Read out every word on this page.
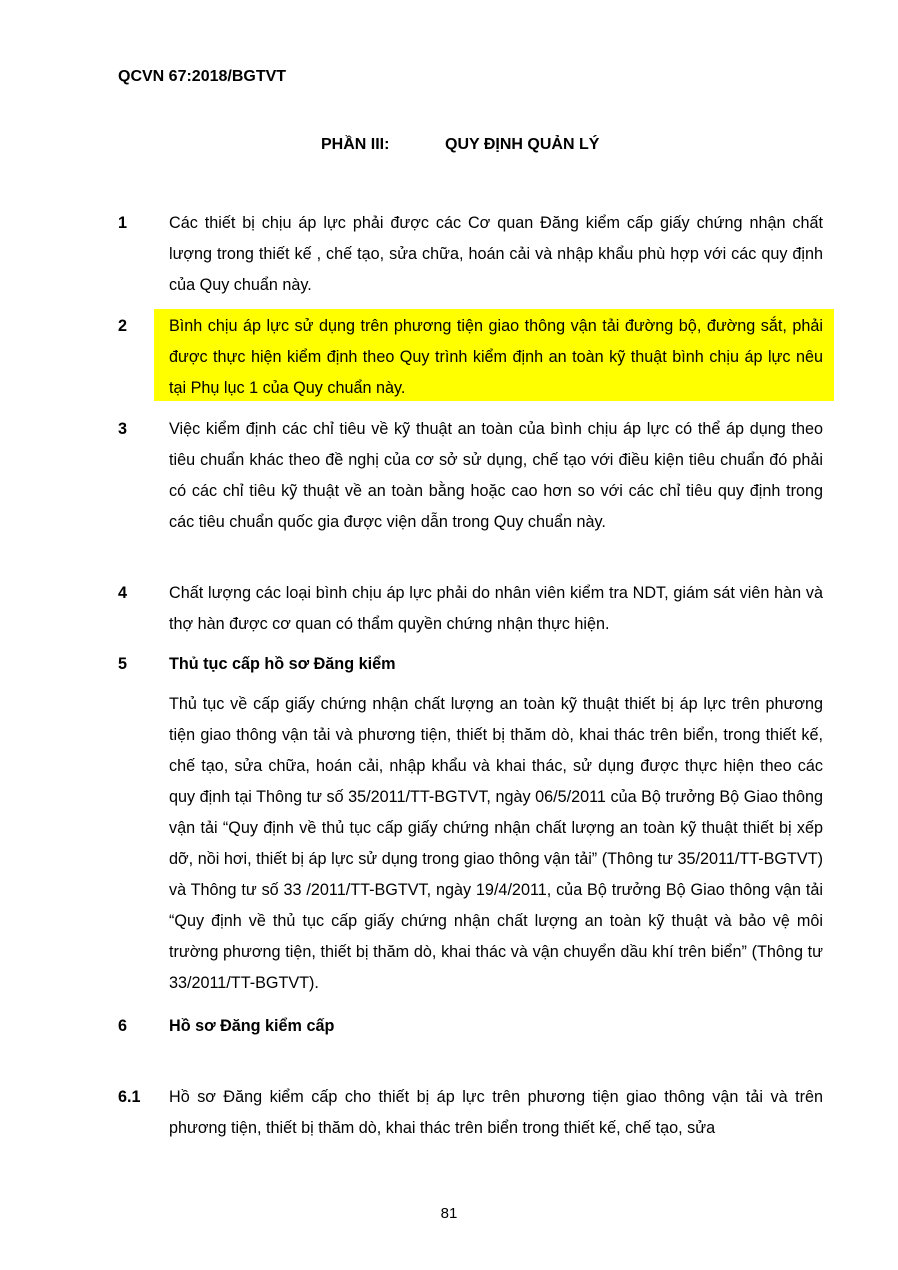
QCVN 67:2018/BGTVT
PHẦN III:	QUY ĐỊNH QUẢN LÝ
1	Các thiết bị chịu áp lực phải được các Cơ quan Đăng kiểm cấp giấy chứng nhận chất lượng trong thiết kế , chế tạo, sửa chữa, hoán cải và nhập khẩu phù hợp với các quy định của Quy chuẩn này.
2	Bình chịu áp lực sử dụng trên phương tiện giao thông vận tải đường bộ, đường sắt, phải được thực hiện kiểm định theo Quy trình kiểm định an toàn kỹ thuật bình chịu áp lực nêu tại Phụ lục 1 của Quy chuẩn này.
3	Việc kiểm định các chỉ tiêu về kỹ thuật an toàn của bình chịu áp lực có thể áp dụng theo tiêu chuẩn khác theo đề nghị của cơ sở sử dụng, chế tạo với điều kiện tiêu chuẩn đó phải có các chỉ tiêu kỹ thuật về an toàn bằng hoặc cao hơn so với các chỉ tiêu quy định trong các tiêu chuẩn quốc gia được viện dẫn trong Quy chuẩn này.
4	Chất lượng các loại bình chịu áp lực phải do nhân viên kiểm tra NDT, giám sát viên hàn và thợ hàn được cơ quan có thẩm quyền chứng nhận thực hiện.
5	Thủ tục cấp hồ sơ Đăng kiểm
Thủ tục về cấp giấy chứng nhận chất lượng an toàn kỹ thuật thiết bị áp lực trên phương tiện giao thông vận tải và phương tiện, thiết bị thăm dò, khai thác trên biển, trong thiết kế, chế tạo, sửa chữa, hoán cải, nhập khẩu và khai thác, sử dụng được thực hiện theo các quy định tại Thông tư số 35/2011/TT-BGTVT, ngày 06/5/2011 của Bộ trưởng Bộ Giao thông vận tải “Quy định về thủ tục cấp giấy chứng nhận chất lượng an toàn kỹ thuật thiết bị xếp dỡ, nồi hơi, thiết bị áp lực sử dụng trong giao thông vận tải” (Thông tư 35/2011/TT-BGTVT) và Thông tư số 33 /2011/TT-BGTVT, ngày 19/4/2011, của Bộ trưởng Bộ Giao thông vận tải “Quy định về thủ tục cấp giấy chứng nhận chất lượng an toàn kỹ thuật và bảo vệ môi trường phương tiện, thiết bị thăm dò, khai thác và vận chuyển dầu khí trên biển” (Thông tư 33/2011/TT-BGTVT).
6	Hồ sơ Đăng kiểm cấp
6.1	Hồ sơ Đăng kiểm cấp cho thiết bị áp lực trên phương tiện giao thông vận tải và trên phương tiện, thiết bị thăm dò, khai thác trên biển trong thiết kế, chế tạo, sửa
81
